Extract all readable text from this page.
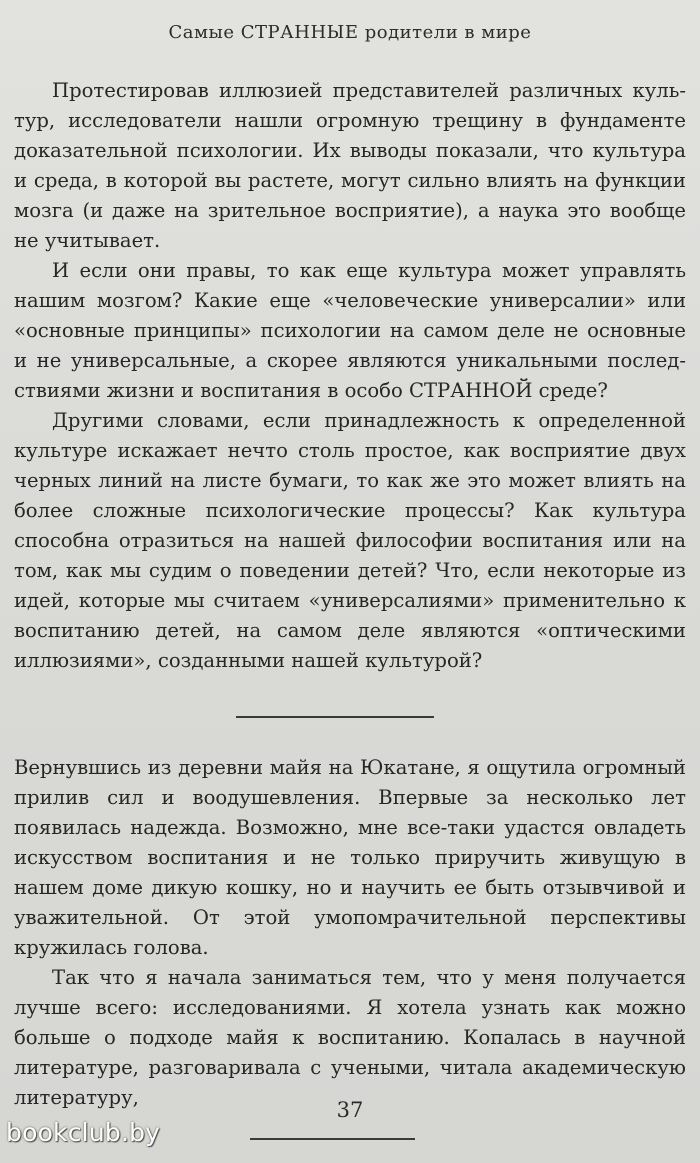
Самые СТРАННЫЕ родители в мире

Протестировав иллюзией представителей различных культур, исследователи нашли огромную трещину в фундаменте доказательной психологии. Их выводы показали, что культура и среда, в которой вы растете, могут сильно влиять на функции мозга (и даже на зрительное восприятие), а наука это вообще не учитывает.

И если они правы, то как еще культура может управлять нашим мозгом? Какие еще «человеческие универсалии» или «основные принципы» психологии на самом деле не основные и не универсальные, а скорее являются уникальными последствиями жизни и воспитания в особо СТРАННОЙ среде?

Другими словами, если принадлежность к определенной культуре искажает нечто столь простое, как восприятие двух черных линий на листе бумаги, то как же это может влиять на более сложные психологические процессы? Как культура способна отразиться на нашей философии воспитания или на том, как мы судим о поведении детей? Что, если некоторые из идей, которые мы считаем «универсалиями» применительно к воспитанию детей, на самом деле являются «оптическими иллюзиями», созданными нашей культурой?

Вернувшись из деревни майя на Юкатане, я ощутила огромный прилив сил и воодушевления. Впервые за несколько лет появилась надежда. Возможно, мне все-таки удастся овладеть искусством воспитания и не только приручить живущую в нашем доме дикую кошку, но и научить ее быть отзывчивой и уважительной. От этой умопомрачительной перспективы кружилась голова.

Так что я начала заниматься тем, что у меня получается лучше всего: исследованиями. Я хотела узнать как можно больше о подходе майя к воспитанию. Копалась в научной литературе, разговаривала с учеными, читала академическую литературу,

37
bookclub.by
